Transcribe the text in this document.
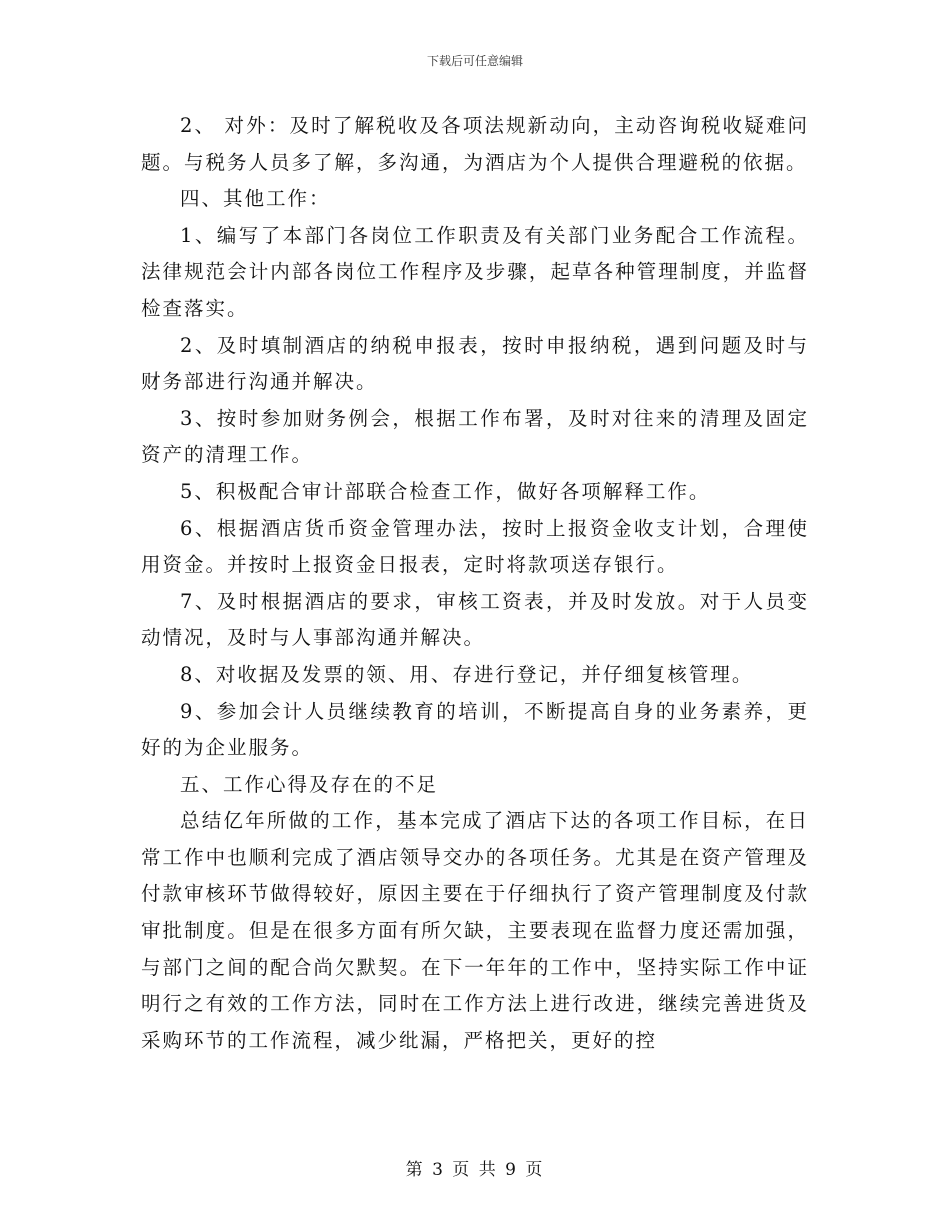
下载后可任意编辑

2、 对外：及时了解税收及各项法规新动向，主动咨询税收疑难问题。与税务人员多了解，多沟通，为酒店为个人提供合理避税的依据。

四、其他工作：

1、编写了本部门各岗位工作职责及有关部门业务配合工作流程。法律规范会计内部各岗位工作程序及步骤，起草各种管理制度，并监督检查落实。

2、及时填制酒店的纳税申报表，按时申报纳税，遇到问题及时与财务部进行沟通并解决。

3、按时参加财务例会，根据工作布署，及时对往来的清理及固定资产的清理工作。

5、积极配合审计部联合检查工作，做好各项解释工作。

6、根据酒店货币资金管理办法，按时上报资金收支计划，合理使用资金。并按时上报资金日报表，定时将款项送存银行。

7、及时根据酒店的要求，审核工资表，并及时发放。对于人员变动情况，及时与人事部沟通并解决。

8、对收据及发票的领、用、存进行登记，并仔细复核管理。

9、参加会计人员继续教育的培训，不断提高自身的业务素养，更好的为企业服务。

五、工作心得及存在的不足

总结亿年所做的工作，基本完成了酒店下达的各项工作目标，在日常工作中也顺利完成了酒店领导交办的各项任务。尤其是在资产管理及付款审核环节做得较好，原因主要在于仔细执行了资产管理制度及付款审批制度。但是在很多方面有所欠缺，主要表现在监督力度还需加强，与部门之间的配合尚欠默契。在下一年年的工作中，坚持实际工作中证明行之有效的工作方法，同时在工作方法上进行改进，继续完善进货及采购环节的工作流程，减少纰漏，严格把关，更好的控

第 3 页 共 9 页
